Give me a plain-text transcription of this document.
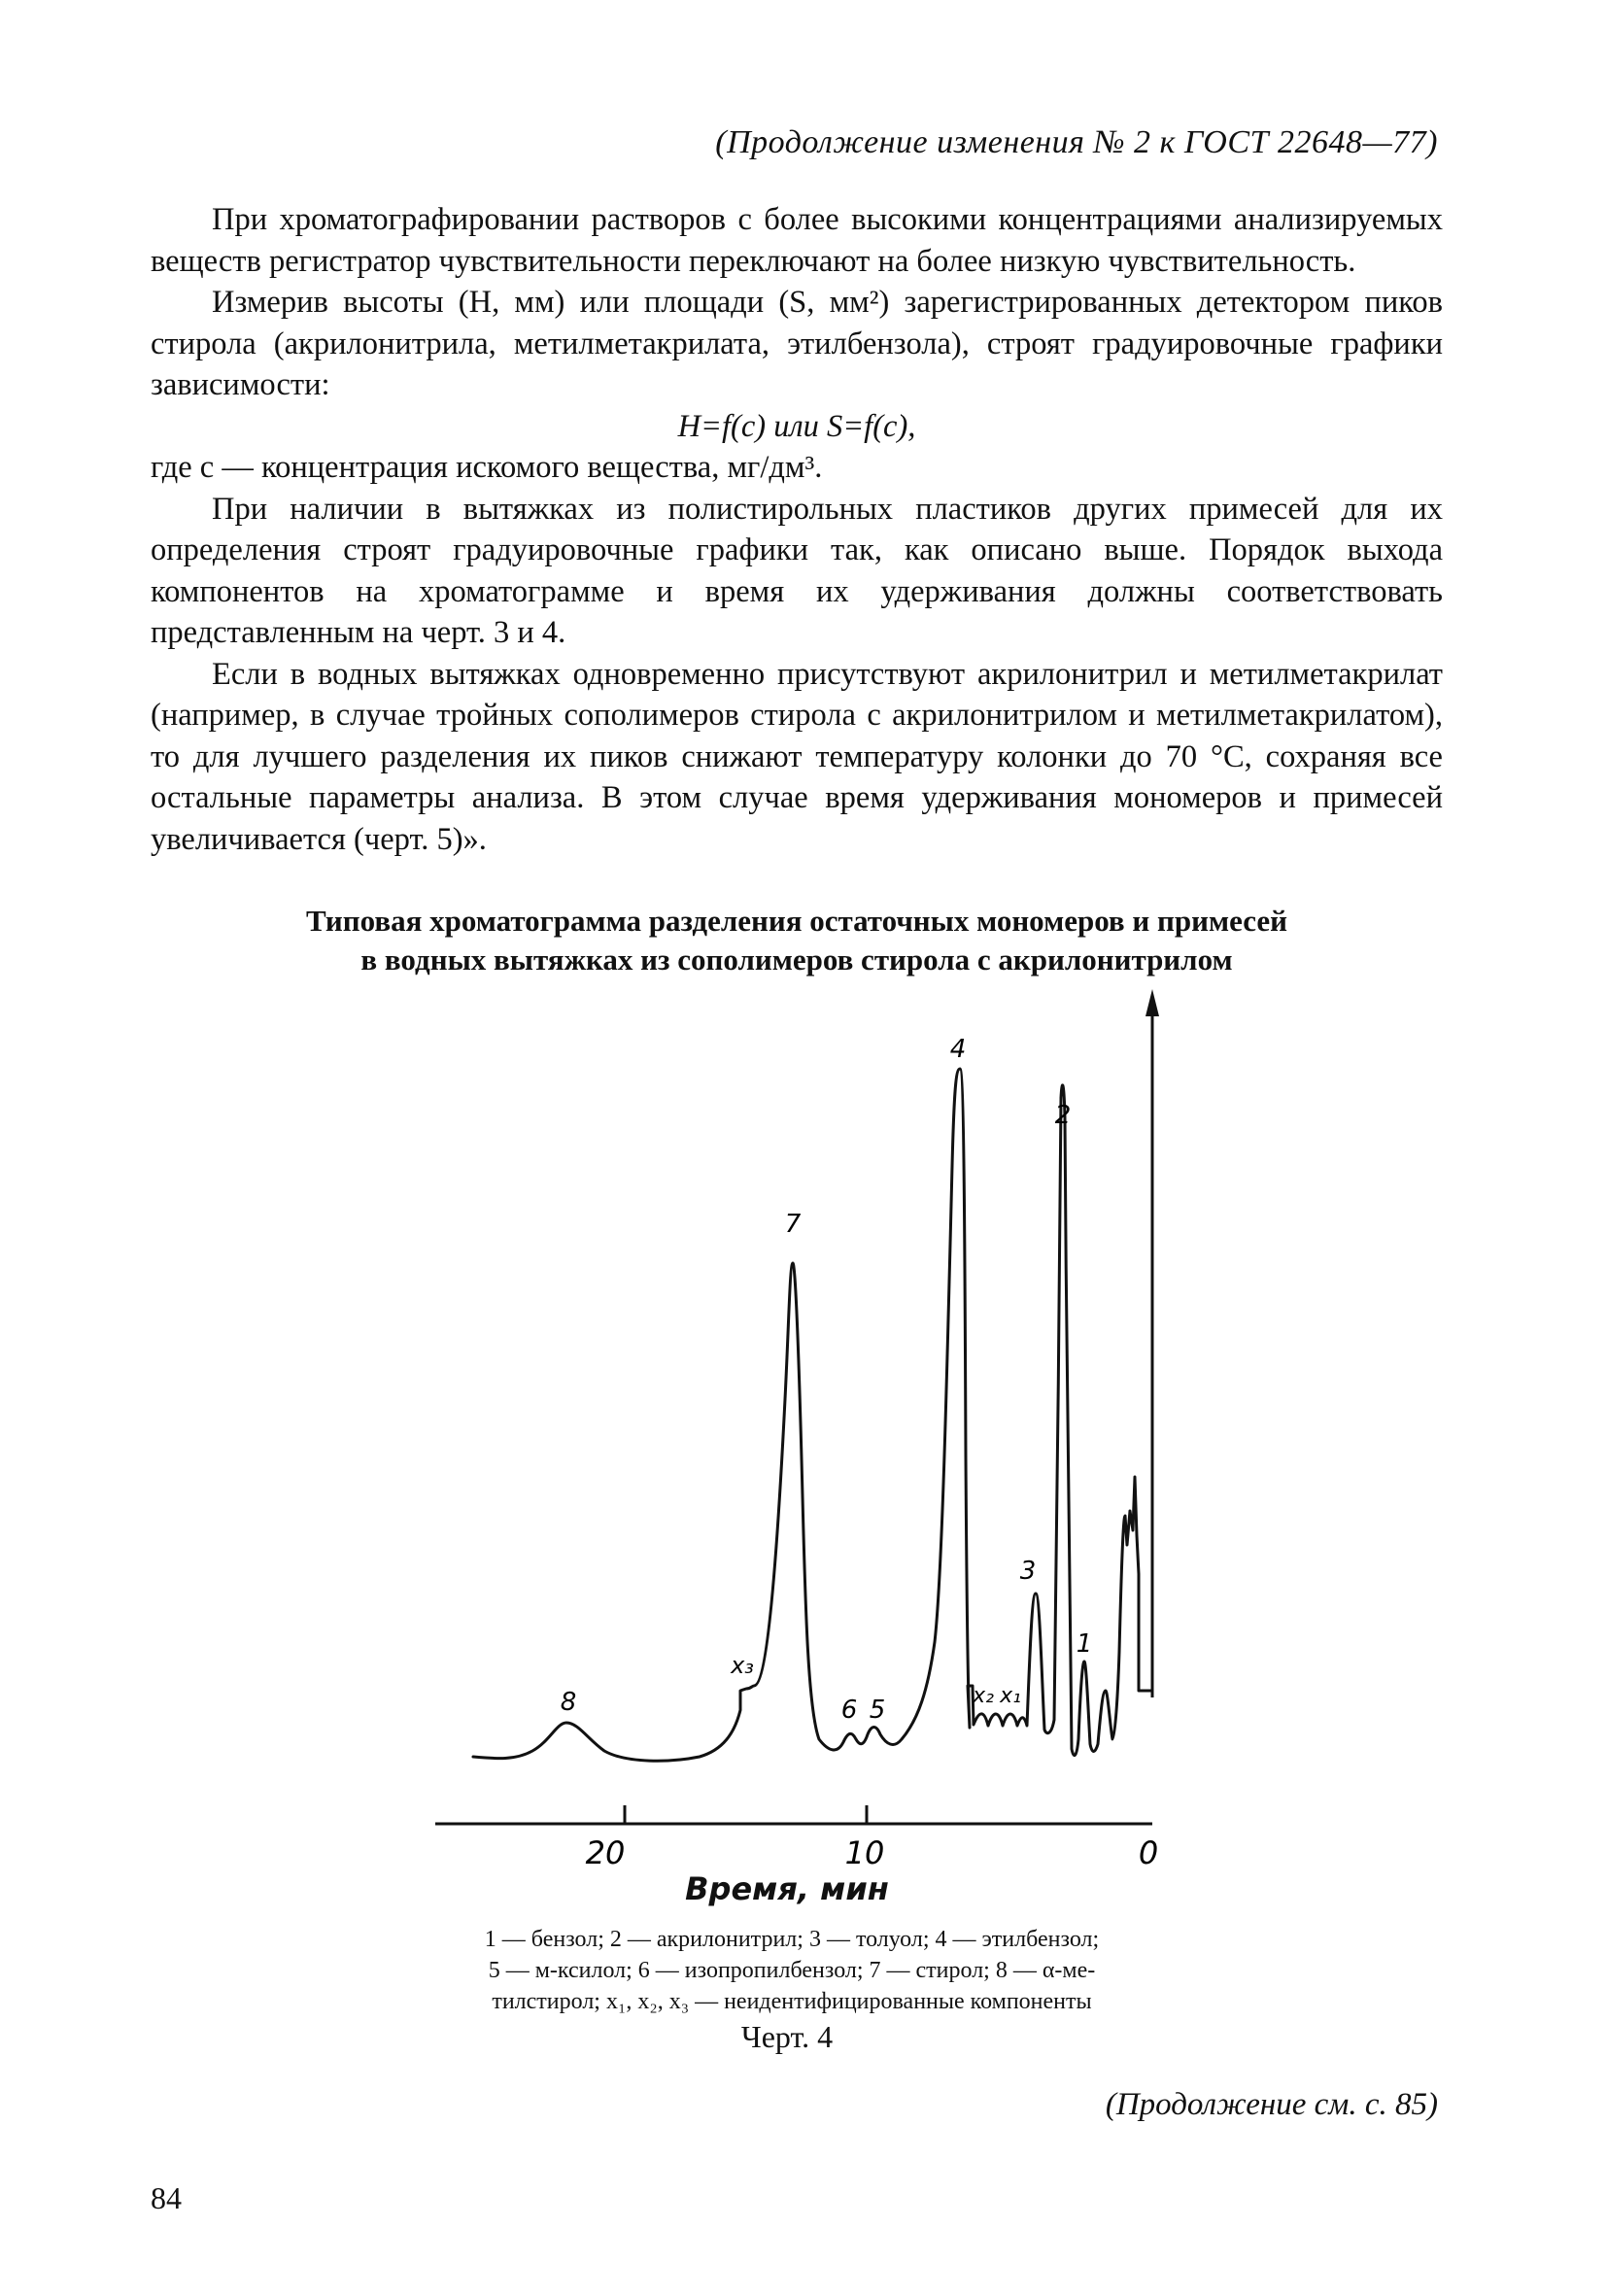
(Продолжение изменения № 2 к ГОСТ 22648—77)

При хроматографировании растворов с более высокими концентрациями анализируемых веществ регистратор чувствительности переключают на более низкую чувствительность.

Измерив высоты (H, мм) или площади (S, мм²) зарегистрированных детектором пиков стирола (акрилонитрила, метилметакрилата, этилбензола), строят градуировочные графики зависимости:

H=f(c) или S=f(c),

где c — концентрация искомого вещества, мг/дм³.

При наличии в вытяжках из полистирольных пластиков других примесей для их определения строят градуировочные графики так, как описано выше. Порядок выхода компонентов на хроматограмме и время их удерживания должны соответствовать представленным на черт. 3 и 4.

Если в водных вытяжках одновременно присутствуют акрилонитрил и метилметакрилат (например, в случае тройных сополимеров стирола с акрилонитрилом и метилметакрилатом), то для лучшего разделения их пиков снижают температуру колонки до 70 °С, сохраняя все остальные параметры анализа. В этом случае время удерживания мономеров и примесей увеличивается (черт. 5)».

Типовая хроматограмма разделения остаточных мономеров и примесей
в водных вытяжках из сополимеров стирола с акрилонитрилом
8
x₃
7
6 5
4
x₂ x₁
3
2
1
20	10	0
Время, мин
1 — бензол; 2 — акрилонитрил; 3 — толуол; 4 — этилбензол;
5 — м-ксилол; 6 — изопропилбензол; 7 — стирол; 8 — α-ме-
тилстирол; x₁, x₂, x₃ — неидентифицированные компоненты
Черт. 4
(Продолжение см. с. 85)
84
